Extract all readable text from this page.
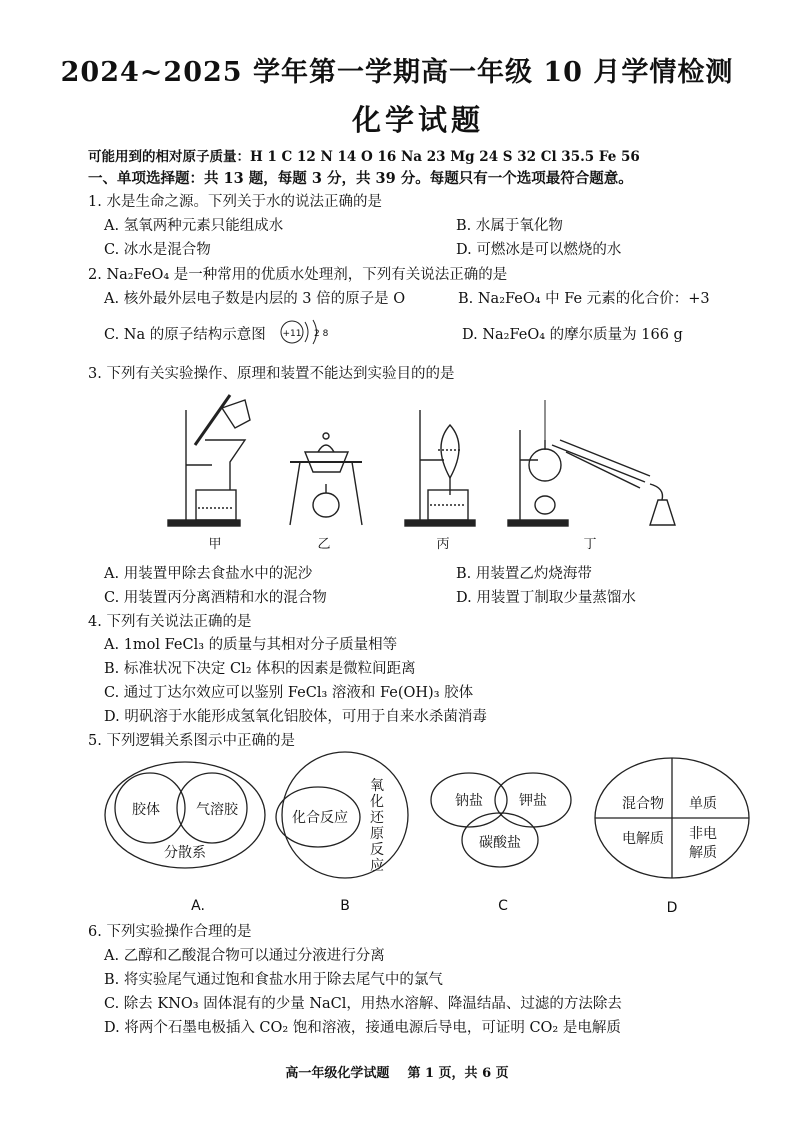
2024~2025 学年第一学期高一年级 10 月学情检测
化学试题
可能用到的相对原子质量：H 1 C 12 N 14 O 16 Na 23 Mg 24 S 32 Cl 35.5 Fe 56
一、单项选择题：共 13 题，每题 3 分，共 39 分。每题只有一个选项最符合题意。
1. 水是生命之源。下列关于水的说法正确的是
A. 氢氧两种元素只能组成水	B. 水属于氧化物
C. 冰水是混合物	D. 可燃冰是可以燃烧的水
2. Na₂FeO₄ 是一种常用的优质水处理剂，下列有关说法正确的是
A. 核外最外层电子数是内层的 3 倍的原子是 O	B. Na₂FeO₄ 中 Fe 元素的化合价：+3
C. Na 的原子结构示意图 +11 2 8	D. Na₂FeO₄ 的摩尔质量为 166 g
3. 下列有关实验操作、原理和装置不能达到实验目的的是
甲	乙	丙	丁
A. 用装置甲除去食盐水中的泥沙	B. 用装置乙灼烧海带
C. 用装置丙分离酒精和水的混合物	D. 用装置丁制取少量蒸馏水
4. 下列有关说法正确的是
A. 1mol FeCl₃ 的质量与其相对分子质量相等
B. 标准状况下决定 Cl₂ 体积的因素是微粒间距离
C. 通过丁达尔效应可以鉴别 FeCl₃ 溶液和 Fe(OH)₃ 胶体
D. 明矾溶于水能形成氢氧化铝胶体，可用于自来水杀菌消毒
5. 下列逻辑关系图示中正确的是
胶体	气溶胶
分散系
化合反应
钠盐	钾盐
碳酸盐
混合物 单质
电解质 非电
解质
A.	B	C	D
氧化还原反应
6. 下列实验操作合理的是
A. 乙醇和乙酸混合物可以通过分液进行分离
B. 将实验尾气通过饱和食盐水用于除去尾气中的氯气
C. 除去 KNO₃ 固体混有的少量 NaCl，用热水溶解、降温结晶、过滤的方法除去
D. 将两个石墨电极插入 CO₂ 饱和溶液，接通电源后导电，可证明 CO₂ 是电解质
高一年级化学试题    第 1 页，共 6 页
